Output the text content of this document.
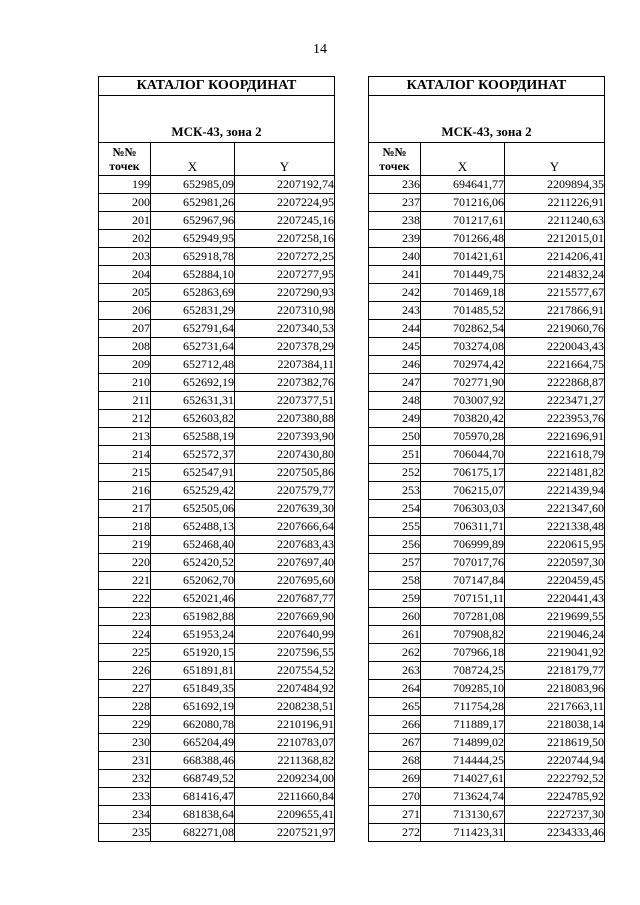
14
КАТАЛОГ КООРДИНАТ		
МСК-43, зона 2		

№№
точек	X	Y
199	652985,09	2207192,74
200	652981,26	2207224,95
201	652967,96	2207245,16
202	652949,95	2207258,16
203	652918,78	2207272,25
204	652884,10	2207277,95
205	652863,69	2207290,93
206	652831,29	2207310,98
207	652791,64	2207340,53
208	652731,64	2207378,29
209	652712,48	2207384,11
210	652692,19	2207382,76
211	652631,31	2207377,51
212	652603,82	2207380,88
213	652588,19	2207393,90
214	652572,37	2207430,80
215	652547,91	2207505,86
216	652529,42	2207579,77
217	652505,06	2207639,30
218	652488,13	2207666,64
219	652468,40	2207683,43
220	652420,52	2207697,40
221	652062,70	2207695,60
222	652021,46	2207687,77
223	651982,88	2207669,90
224	651953,24	2207640,99
225	651920,15	2207596,55
226	651891,81	2207554,52
227	651849,35	2207484,92
228	651692,19	2208238,51
229	662080,78	2210196,91
230	665204,49	2210783,07
231	668388,46	2211368,82
232	668749,52	2209234,00
233	681416,47	2211660,84
234	681838,64	2209655,41
235	682271,08	2207521,97
КАТАЛОГ КООРДИНАТ		
МСК-43, зона 2		

№№
точек	X	Y
236	694641,77	2209894,35
237	701216,06	2211226,91
238	701217,61	2211240,63
239	701266,48	2212015,01
240	701421,61	2214206,41
241	701449,75	2214832,24
242	701469,18	2215577,67
243	701485,52	2217866,91
244	702862,54	2219060,76
245	703274,08	2220043,43
246	702974,42	2221664,75
247	702771,90	2222868,87
248	703007,92	2223471,27
249	703820,42	2223953,76
250	705970,28	2221696,91
251	706044,70	2221618,79
252	706175,17	2221481,82
253	706215,07	2221439,94
254	706303,03	2221347,60
255	706311,71	2221338,48
256	706999,89	2220615,95
257	707017,76	2220597,30
258	707147,84	2220459,45
259	707151,11	2220441,43
260	707281,08	2219699,55
261	707908,82	2219046,24
262	707966,18	2219041,92
263	708724,25	2218179,77
264	709285,10	2218083,96
265	711754,28	2217663,11
266	711889,17	2218038,14
267	714899,02	2218619,50
268	714444,25	2220744,94
269	714027,61	2222792,52
270	713624,74	2224785,92
271	713130,67	2227237,30
272	711423,31	2234333,46
